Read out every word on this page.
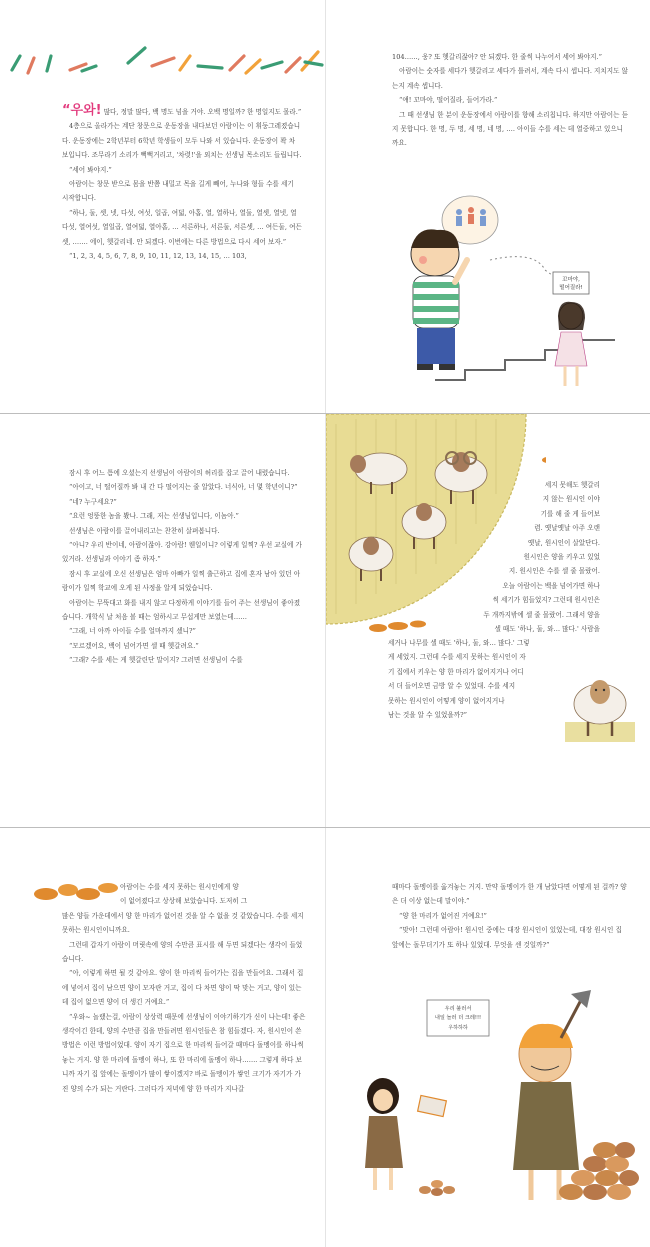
“우와! 많다, 정말 많다, 백 명도 넘을 거야. 오백 명일까? 한 명일지도 몰라.”

4층으로 올라가는 계단 창문으로 운동장을 내다보던 아람이는 이 휘둥그레졌습니다. 운동장에는 2학년부터 6학년 학생들이 모두 나와 서 있습니다. 운동장이 꽉 차 보입니다. 조무라기 소리가 뻑뻑거리고, '차렷!'을 외치는 선생님 목소리도 들립니다.

“세어 봐야지.”

아람이는 창문 받으로 몸을 반쯤 내밀고 목을 길게 빼어, 누나와 형들 수를 세기 시작합니다.

“하나, 둘, 셋, 넷, 다섯, 여섯, 일곱, 여덟, 아홉, 열, 열하나, 열둘, 열셋, 열넷, 열다섯, 열여섯, 열일곱, 열여덟, 열아홉, … 서른하나, 서른둘, 서른셋, … 여든둘, 여든셋, ……. 에이, 헷갈리네. 안 되겠다. 이번에는 다른 방법으로 다시 세어 보자.”

“1, 2, 3, 4, 5, 6, 7, 8, 9, 10, 11, 12, 13, 14, 15, … 103,

104……, 웅? 또 헷갈리잖아? 안 되겠다. 한 줄씩 나누어서 세어 봐야지.”

아람이는 숫자를 세다가 헷갈리고 세다가 틀려서, 계속 다시 셉니다. 지치지도 않는지 계속 셉니다.

“얘! 꼬마야, 떨어질라, 들어가라.”

그 때 선생님 한 분이 운동장에서 아람이를 향해 소리칩니다. 하지만 아람이는 듣지 못합니다. 한 명, 두 명, 세 명, 네 명, …. 아이들 수를 세는 데 열중하고 있으니까요.

꼬마야,
떨어질라!

잠시 후 어느 틈에 오셨는지 선생님이 아람이의 허리를 잡고 끌어 내렸습니다.

“아이고, 너 떨어질까 봐 내 간 다 떨어지는 줄 알았다. 너식아, 너 몇 학년이니?”

“네? 누구세요?”

“요런 엉뚱한 놈을 봤나. 그래, 저는 선생님입니다, 이놈아.”

선생님은 아람이를 끌어내리고는 찬찬히 살펴봅니다.

“아니? 우리 반이네, 아람이잖아. 강아람! 웬일이니? 이렇게 일찍? 우선 교실에 가 있거라. 선생님과 이야기 좀 하자.”

잠시 후 교실에 오신 선생님은 엄마 아빠가 일찍 출근하고 집에 혼자 남아 있던 아람이가 일찍 학교에 오게 된 사정을 알게 되었습니다.

아람이는 무뚝대고 화를 내지 않고 다정하게 이야기를 들어 주는 선생님이 좋아졌습니다. 개학식 날 처음 볼 때는 엄하시고 무섭게만 보였는데……

“그래, 너 아까 아이들 수를 얼마까지 셌니?”

“모르겠어요, 백이 넘어가면 셀 때 헷갈려요.”

“그래? 수를 세는 게 헷갈린단 말이지? 그러면 선생님이 수를

세지 못해도 헷갈리

지 않는 원시인 이야

기를 해 줄 게 들어보

렴. 옛날옛날 아주 오랜

옛날, 원시인이 살았단다.

원시인은 양을 키우고 있었

지. 원시인은 수를 셀 줄 몰랐어.

오늘 아람이는 백을 넘어가면 하나

씩 세기가 힘들었지? 그런데 원시인은

두 개까지밖에 셀 줄 몰랐어. 그래서 양을

셀 때도 '하나, 둘, 와… 많다.' 사람을

세거나 나무를 셀 때도 '하나, 둘, 와… 많다.' 그렇

게 세었지. 그런데 수를 세지 못하는 원시인이 자

기 집에서 키우는 양 한 마리가 없어지거나 어디

서 더 들어오면 금방 알 수 있었대. 수를 세지

못하는 원시인이 어떻게 양이 없어지거나

남는 것을 알 수 있었을까?”

아람이는 수를 세지 못하는 원시인에게 양

이 없어졌다고 상상해 보았습니다. 도저히 그

많은 양들 가운데에서 양 한 마리가 없어진 것을 알 수 없을 것 같았습니다. 수를 세지 못하는 원시인이니까요.

그런데 갑자기 아람이 머릿속에 양의 수만큼 표시를 해 두면 되겠다는 생각이 들었습니다.

“아, 이렇게 하면 될 것 같아요. 양이 한 마리씩 들어가는 집을 만들어요. 그래서 집에 넣어서 집이 남으면 양이 모자란 거고, 집이 다 차면 양이 딱 맞는 거고, 양이 있는데 집이 없으면 양이 더 생긴 거예요.”

“우와~ 놀랬는걸, 아람이 상상력 때문에 선생님이 이야기하기가 신이 나는데! 좋은 생각이긴 한데, 양의 수만큼 집을 만들려면 원시인들은 참 힘들겠다. 자, 원시인이 쓴 방법은 이런 방법이었대. 양이 자기 집으로 한 마리씩 들어갈 때마다 돌멩이를 하나씩 놓는 거지. 양 한 마리에 돌멩이 하나, 또 한 마리에 돌멩이 하나……. 그렇게 하다 보니까 자기 집 앞에는 돌멩이가 많이 쌓이겠지? 바로 돌멩이가 쌓인 크기가 자기가 가진 양의 수가 되는 거란다. 그러다가 저녁에 양 한 마리가 지나갈

때마다 돌멩이를 옮겨놓는 거지. 만약 돌멩이가 한 개 남았다면 어떻게 된 걸까? 양은 더 이상 없는데 말이야.”

“양 한 마리가 없어진 거예요!”

“맞아! 그런데 아람아! 원시인 중에는 대장 원시인이 있었는데, 대장 원시인 집 앞에는 돌무더기가 또 하나 있었대. 무엇을 센 것일까?”

우리 불러서
내일 놀러 더 크레!!!
우하하하
